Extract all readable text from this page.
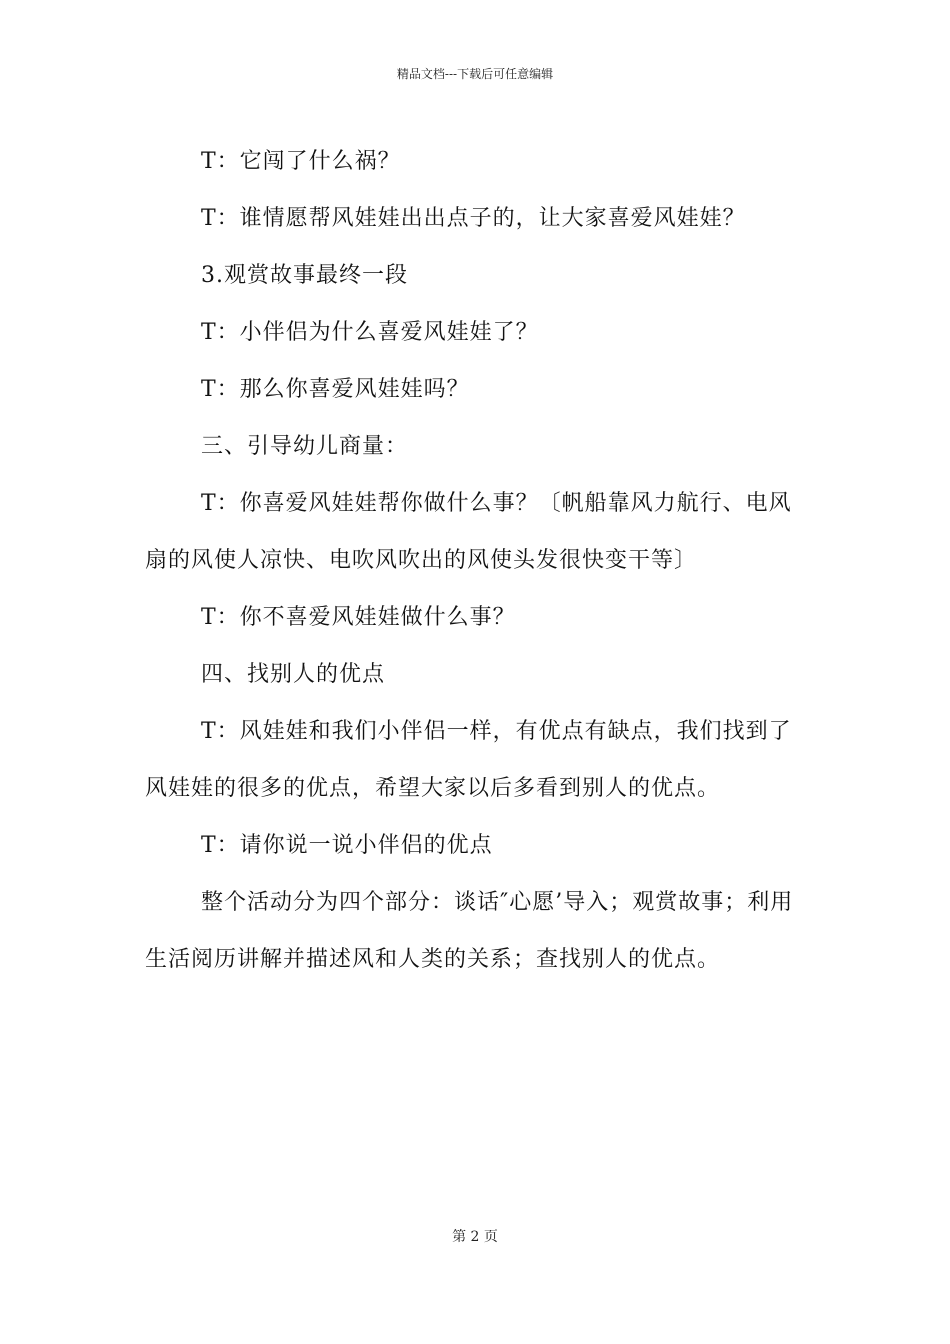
精品文档---下载后可任意编辑

T：它闯了什么祸？

T：谁情愿帮风娃娃出出点子的，让大家喜爱风娃娃？

3.观赏故事最终一段

T：小伴侣为什么喜爱风娃娃了？

T：那么你喜爱风娃娃吗？

三、引导幼儿商量：

T：你喜爱风娃娃帮你做什么事？〔帆船靠风力航行、电风扇的风使人凉快、电吹风吹出的风使头发很快变干等〕

T：你不喜爱风娃娃做什么事？

四、找别人的优点

T：风娃娃和我们小伴侣一样，有优点有缺点，我们找到了风娃娃的很多的优点，希望大家以后多看到别人的优点。

T：请你说一说小伴侣的优点

整个活动分为四个部分：谈话″心愿’导入；观赏故事；利用生活阅历讲解并描述风和人类的关系；查找别人的优点。

第 2 页
